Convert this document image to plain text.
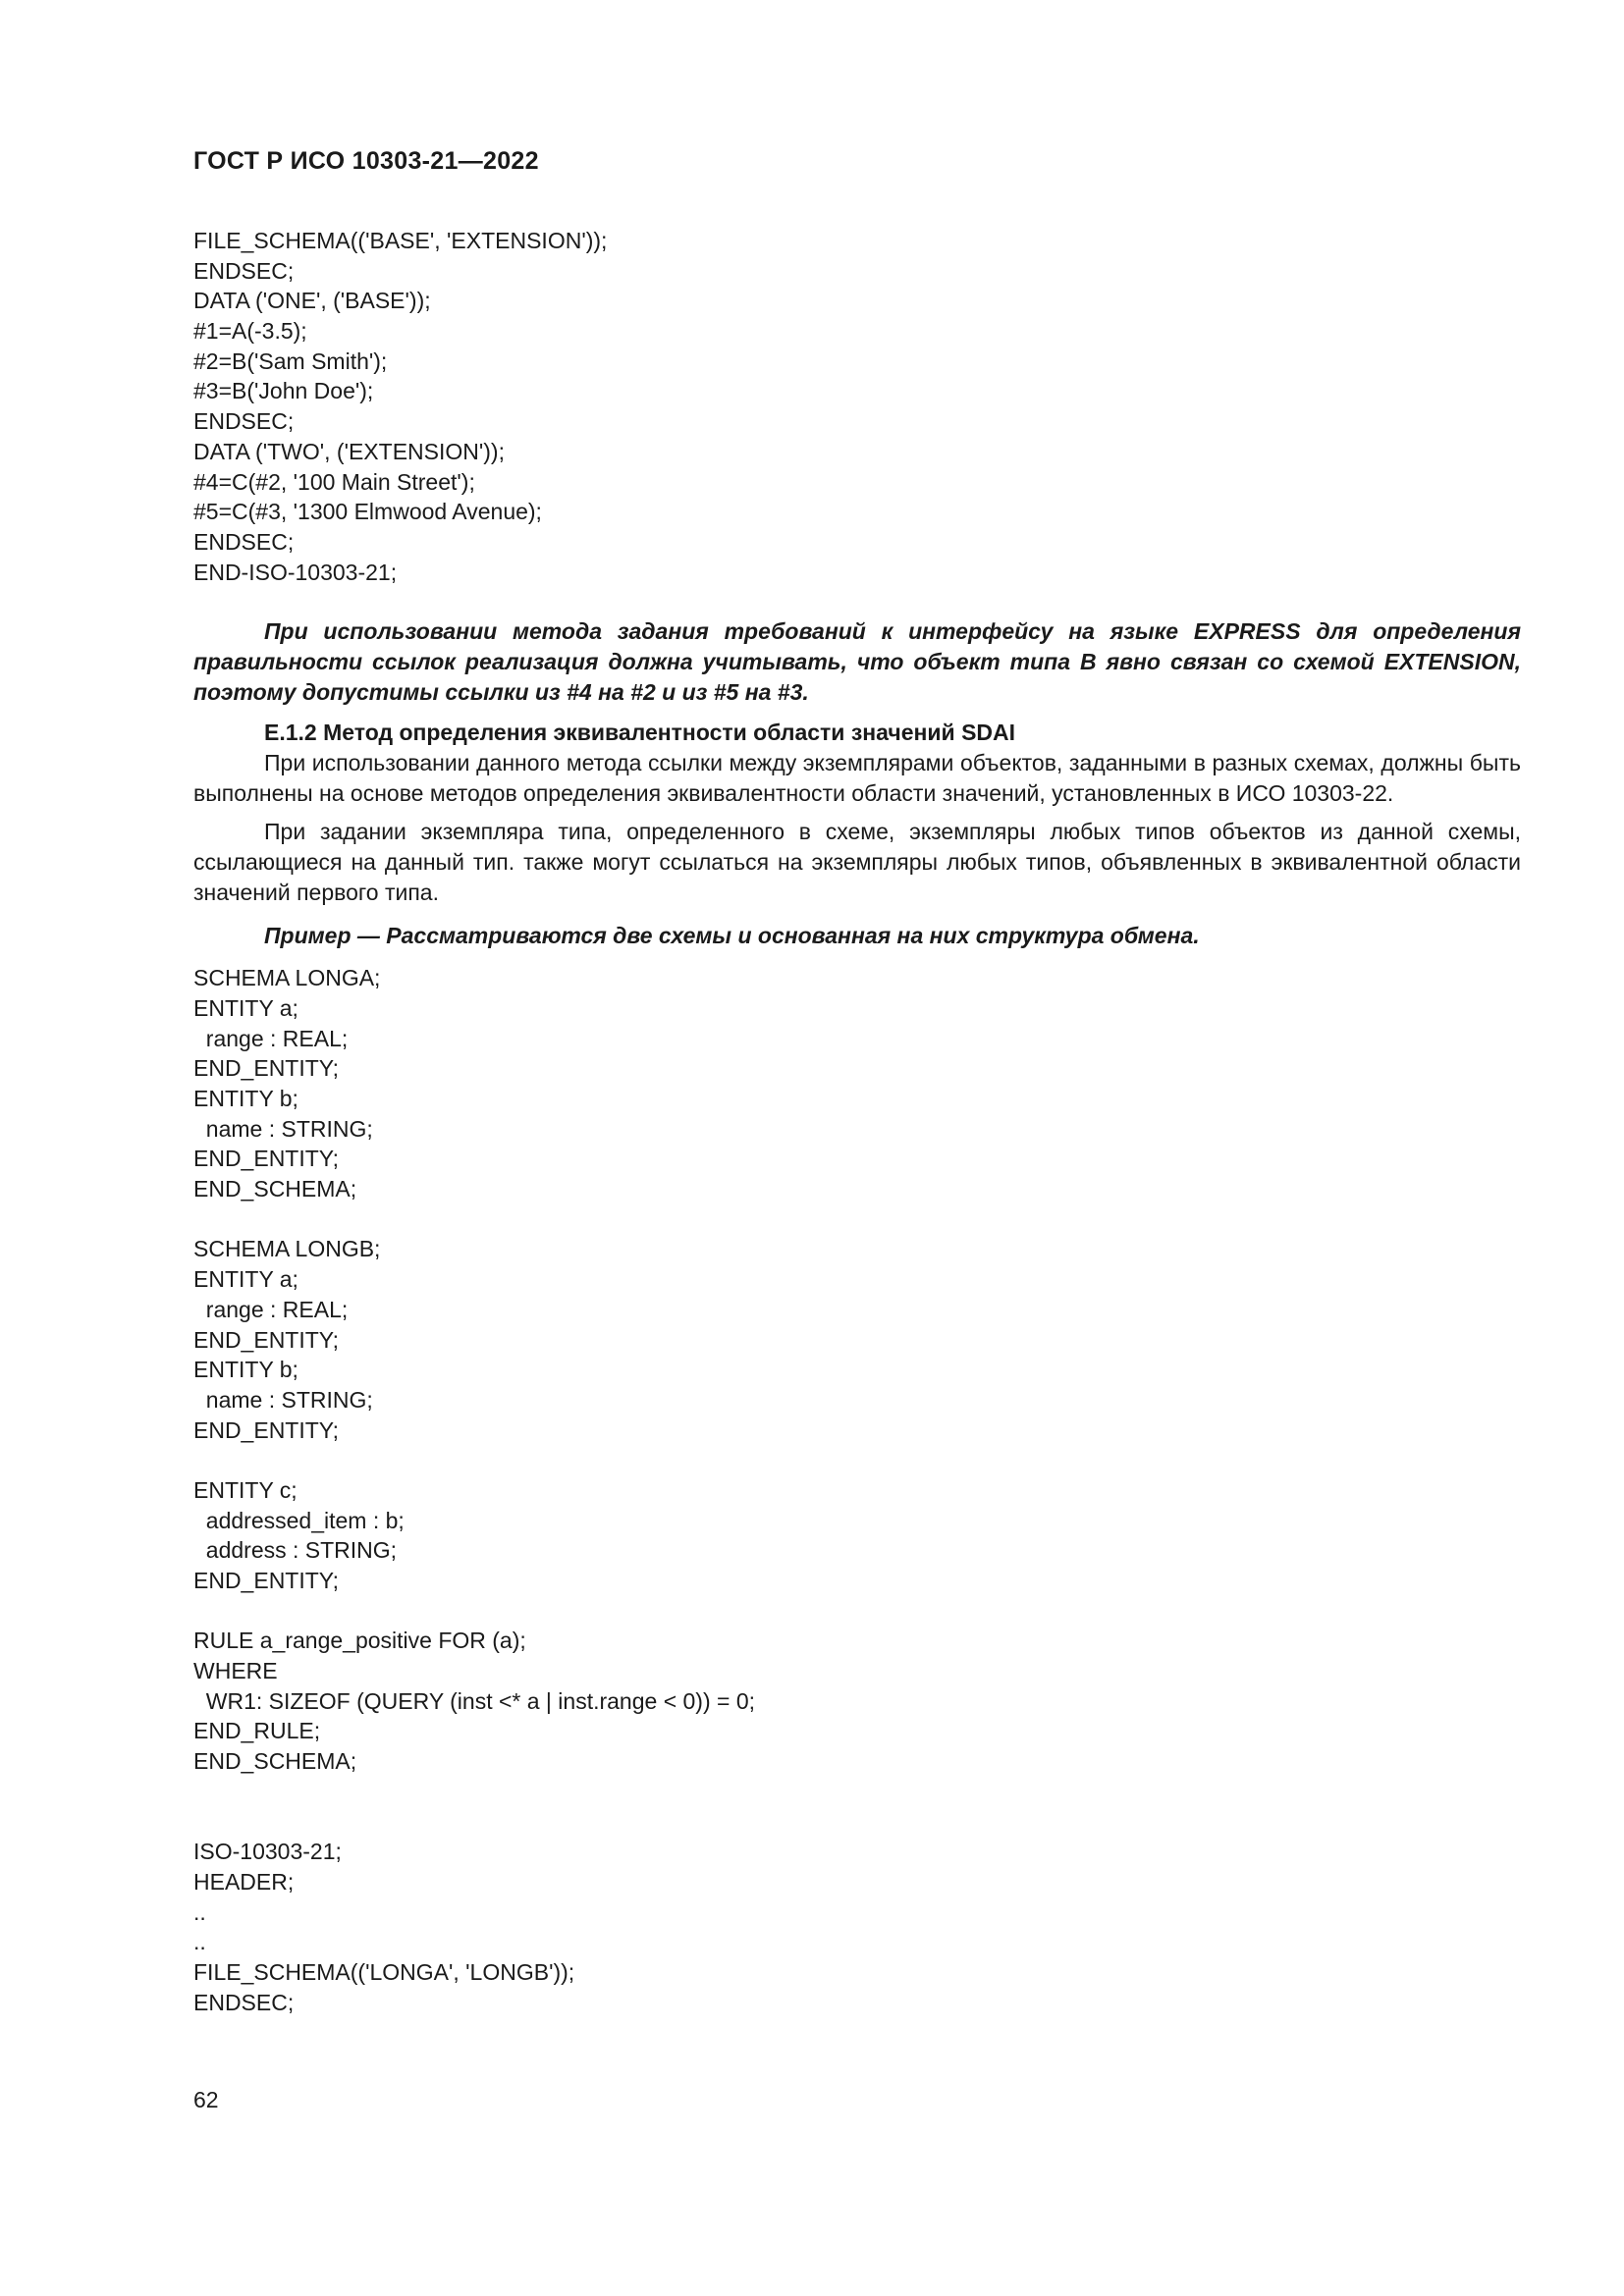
ГОСТ Р ИСО 10303-21—2022
FILE_SCHEMA(('BASE', 'EXTENSION'));
ENDSEC;
DATA ('ONE', ('BASE'));
#1=A(-3.5);
#2=B('Sam Smith');
#3=B('John Doe');
ENDSEC;
DATA ('TWO', ('EXTENSION'));
#4=C(#2, '100 Main Street');
#5=C(#3, '1300 Elmwood Avenue);
ENDSEC;
END-ISO-10303-21;

При использовании метода задания требований к интерфейсу на языке EXPRESS для определения правильности ссылок реализация должна учитывать, что объект типа B явно связан со схемой EXTENSION, поэтому допустимы ссылки из #4 на #2 и из #5 на #3.

E.1.2 Метод определения эквивалентности области значений SDAI

При использовании данного метода ссылки между экземплярами объектов, заданными в разных схемах, должны быть выполнены на основе методов определения эквивалентности области значений, установленных в ИСО 10303-22.

При задании экземпляра типа, определенного в схеме, экземпляры любых типов объектов из данной схемы, ссылающиеся на данный тип. также могут ссылаться на экземпляры любых типов, объявленных в эквивалентной области значений первого типа.

Пример — Рассматриваются две схемы и основанная на них структура обмена.

SCHEMA LONGA;
ENTITY a;
range : REAL;
END_ENTITY;
ENTITY b;
name : STRING;
END_ENTITY;
END_SCHEMA;
SCHEMA LONGB;
ENTITY a;
range : REAL;
END_ENTITY;
ENTITY b;
name : STRING;
END_ENTITY;
ENTITY c;
addressed_item : b;
address : STRING;
END_ENTITY;
RULE a_range_positive FOR (a);
WHERE
WR1: SIZEOF (QUERY (inst <* a | inst.range < 0)) = 0;
END_RULE;
END_SCHEMA;
ISO-10303-21;
HEADER;
..
..
FILE_SCHEMA(('LONGA', 'LONGB'));
ENDSEC;
62
